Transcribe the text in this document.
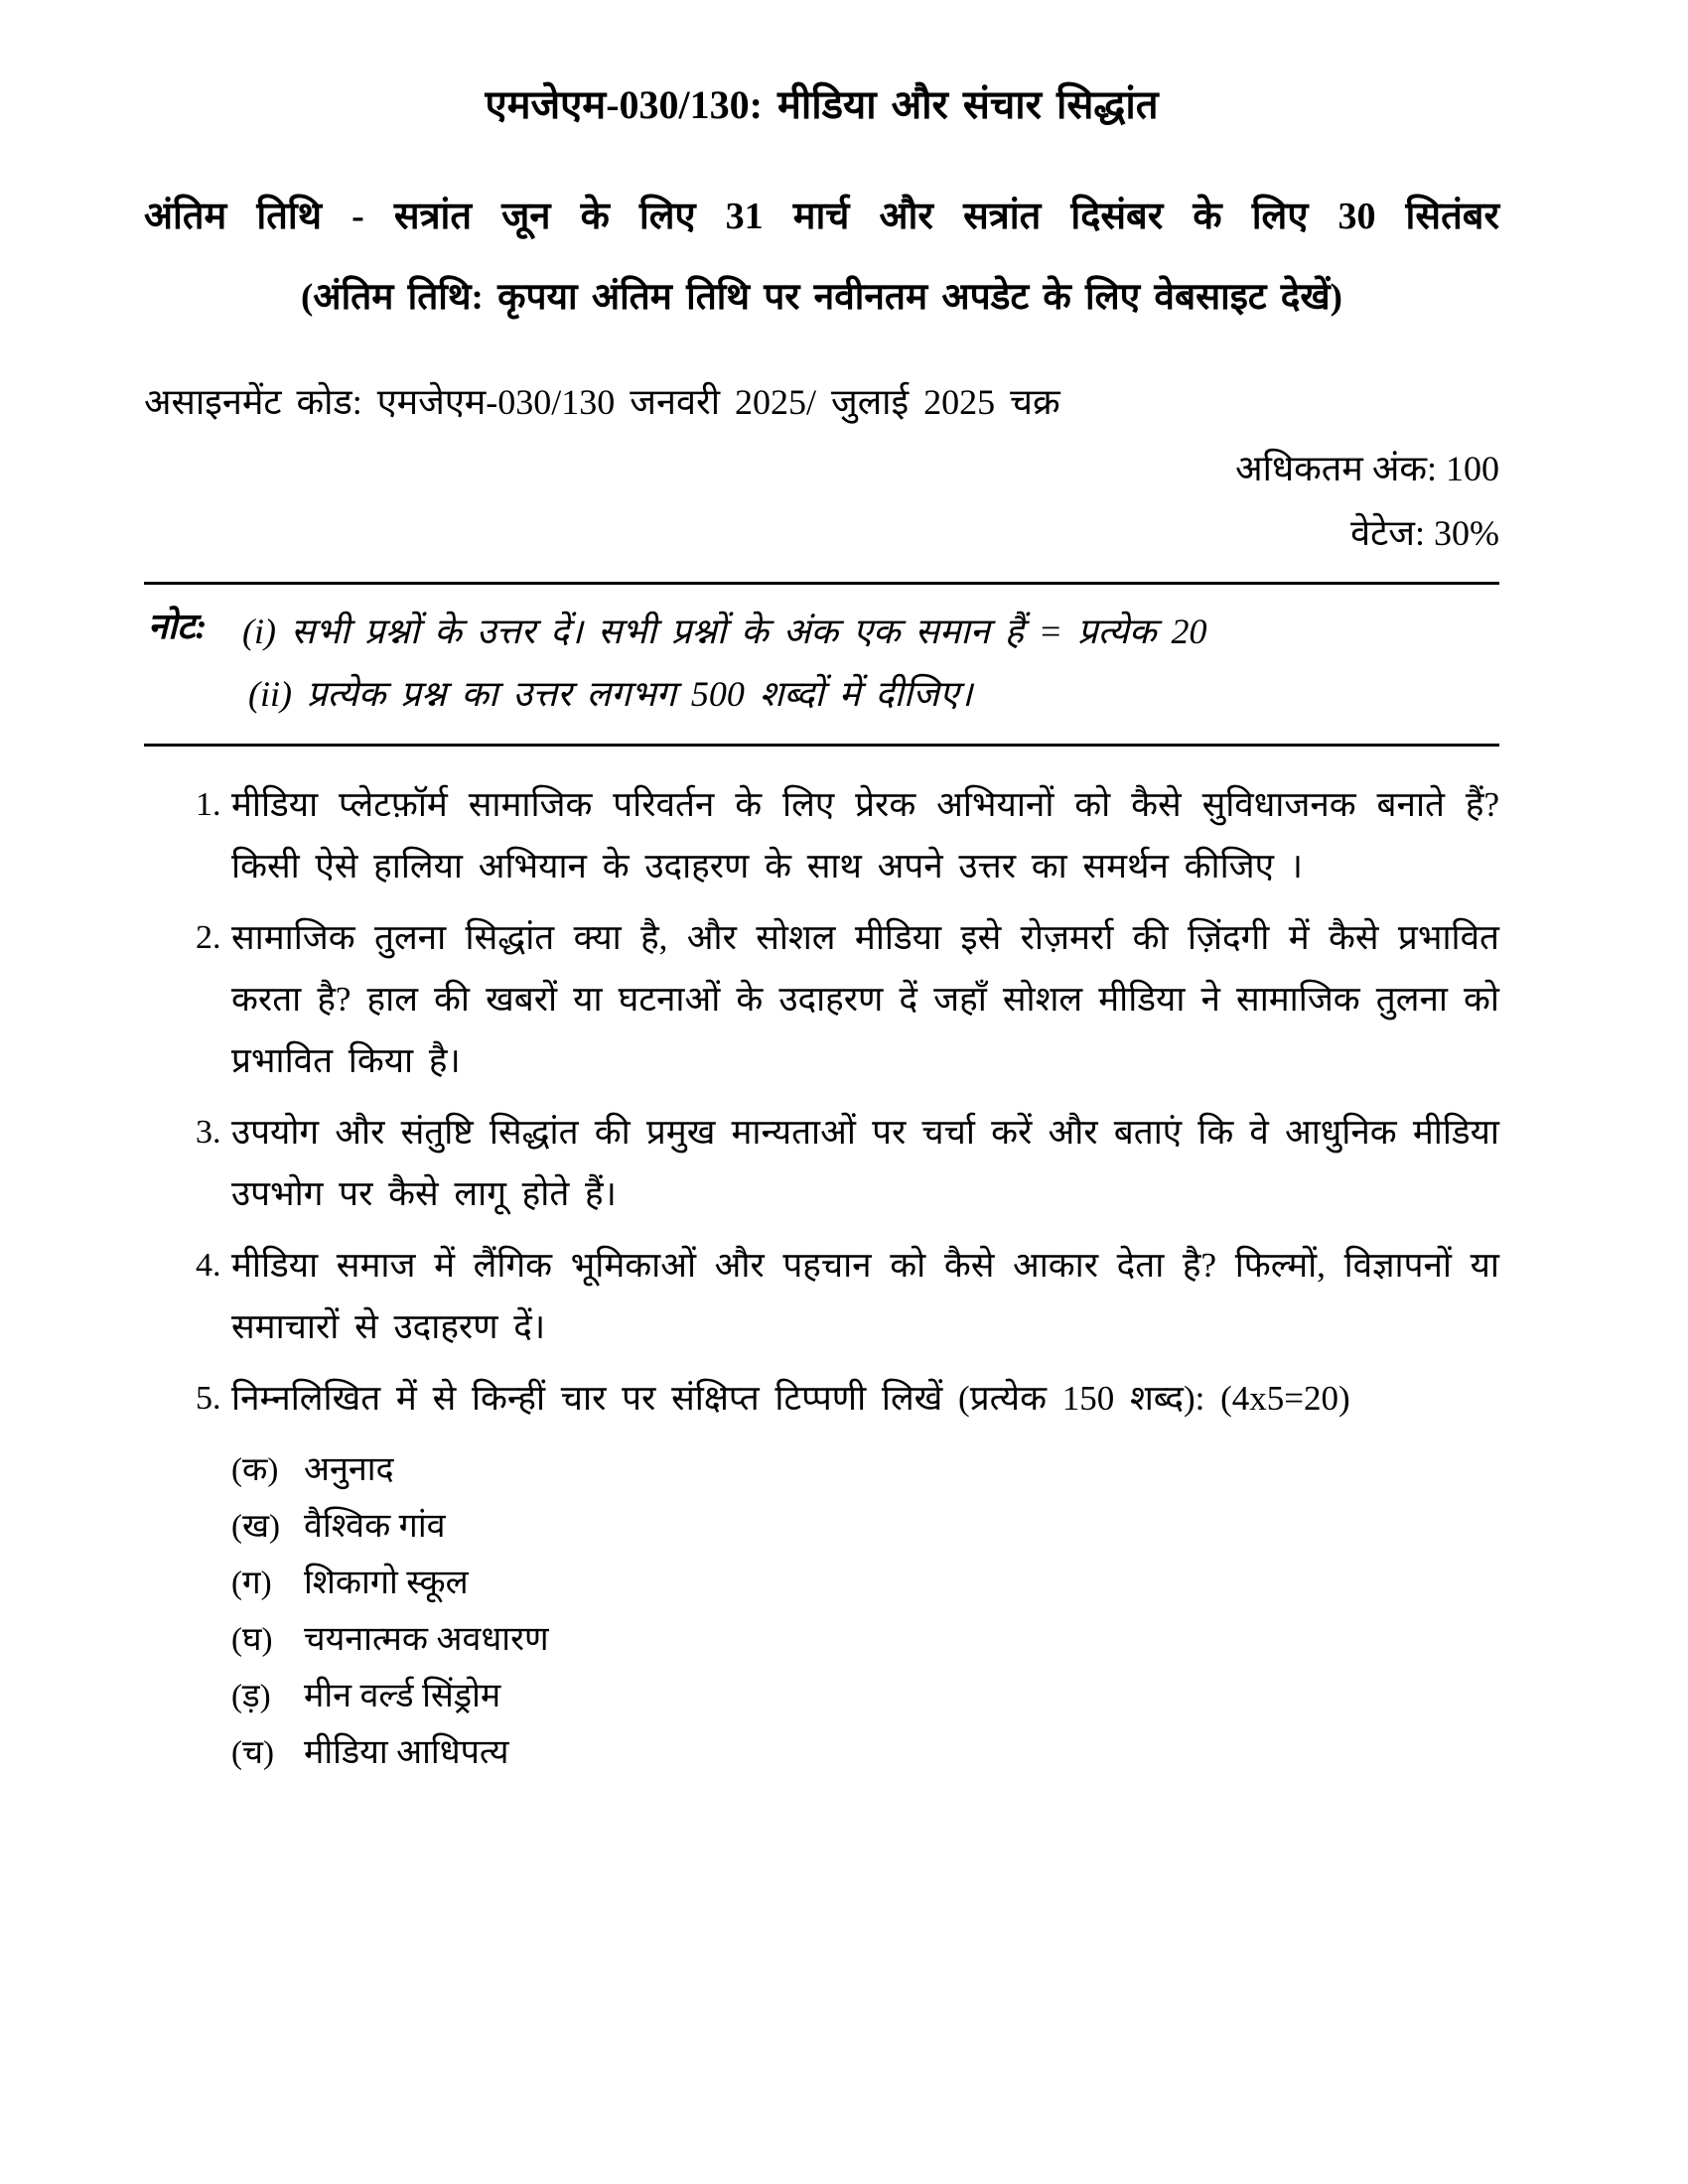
एमजेएम-030/130: मीडिया और संचार सिद्धांत

अंतिम तिथि - सत्रांत जून के लिए 31 मार्च और सत्रांत दिसंबर के लिए 30 सितंबर

(अंतिम तिथि: कृपया अंतिम तिथि पर नवीनतम अपडेट के लिए वेबसाइट देखें)

असाइनमेंट कोड: एमजेएम-030/130 जनवरी 2025/ जुलाई 2025 चक्र

अधिकतम अंक: 100

वेटेज: 30%

नोट: (i) सभी प्रश्नों के उत्तर दें। सभी प्रश्नों के अंक एक समान हैं = प्रत्येक 20
(ii) प्रत्येक प्रश्न का उत्तर लगभग 500 शब्दों में दीजिए।
1. मीडिया प्लेटफ़ॉर्म सामाजिक परिवर्तन के लिए प्रेरक अभियानों को कैसे सुविधाजनक बनाते हैं? किसी ऐसे हालिया अभियान के उदाहरण के साथ अपने उत्तर का समर्थन कीजिए ।

2. सामाजिक तुलना सिद्धांत क्या है, और सोशल मीडिया इसे रोज़मर्रा की ज़िंदगी में कैसे प्रभावित करता है? हाल की खबरों या घटनाओं के उदाहरण दें जहाँ सोशल मीडिया ने सामाजिक तुलना को प्रभावित किया है।

3. उपयोग और संतुष्टि सिद्धांत की प्रमुख मान्यताओं पर चर्चा करें और बताएं कि वे आधुनिक मीडिया उपभोग पर कैसे लागू होते हैं।

4. मीडिया समाज में लैंगिक भूमिकाओं और पहचान को कैसे आकार देता है? फिल्मों, विज्ञापनों या समाचारों से उदाहरण दें।

5. निम्नलिखित में से किन्हीं चार पर संक्षिप्त टिप्पणी लिखें (प्रत्येक 150 शब्द): (4x5=20)

(क) अनुनाद
(ख) वैश्विक गांव
(ग) शिकागो स्कूल
(घ) चयनात्मक अवधारण
(ड़) मीन वर्ल्ड सिंड्रोम
(च) मीडिया आधिपत्य
